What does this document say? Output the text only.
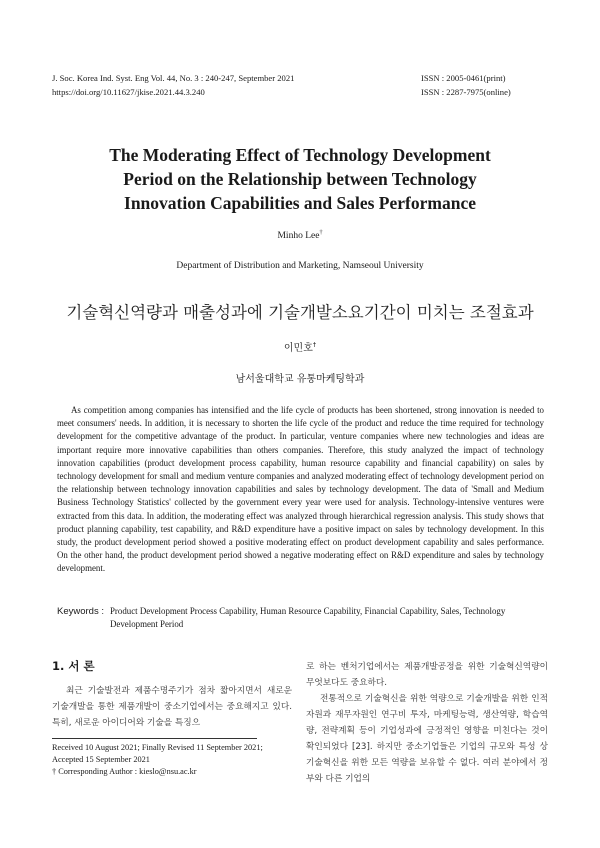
J. Soc. Korea Ind. Syst. Eng Vol. 44, No. 3 : 240-247, September 2021
https://doi.org/10.11627/jkise.2021.44.3.240
ISSN : 2005-0461(print)
ISSN : 2287-7975(online)
The Moderating Effect of Technology Development
Period on the Relationship between Technology
Innovation Capabilities and Sales Performance
Minho Lee†
Department of Distribution and Marketing, Namseoul University
기술혁신역량과 매출성과에 기술개발소요기간이 미치는 조절효과
이민호†
남서울대학교 유통마케팅학과

As competition among companies has intensified and the life cycle of products has been shortened, strong innovation is needed to meet consumers' needs. In addition, it is necessary to shorten the life cycle of the product and reduce the time required for technology development for the competitive advantage of the product. In particular, venture companies where new technologies and ideas are important require more innovative capabilities than others companies. Therefore, this study analyzed the impact of technology innovation capabilities (product development process capability, human resource capability and financial capability) on sales by technology development for small and medium venture companies and analyzed moderating effect of technology development period on the relationship between technology innovation capabilities and sales by technology development. The data of 'Small and Medium Business Technology Statistics' collected by the government every year were used for analysis. Technology-intensive ventures were extracted from this data. In addition, the moderating effect was analyzed through hierarchical regression analysis. This study shows that product planning capability, test capability, and R&D expenditure have a positive impact on sales by technology development. In this study, the product development period showed a positive moderating effect on product development capability and sales performance. On the other hand, the product development period showed a negative moderating effect on R&D expenditure and sales by technology development.

Keywords : Product Development Process Capability, Human Resource Capability, Financial Capability, Sales, Technology Development Period
1. 서 론

최근 기술발전과 제품수명주기가 점차 짧아지면서 새로운 기술개발을 통한 제품개발이 중소기업에서는 중요해지고 있다. 특히, 새로운 아이디어와 기술을 특징으

로 하는 벤처기업에서는 제품개발공정을 위한 기술혁신역량이 무엇보다도 중요하다.

전통적으로 기술혁신을 위한 역량으로 기술개발을 위한 인적자원과 재무자원인 연구비 투자, 마케팅능력, 생산역량, 학습역량, 전략계획 등이 기업성과에 긍정적인 영향을 미친다는 것이 확인되었다 [23]. 하지만 중소기업들은 기업의 규모와 특성 상 기술혁신을 위한 모든 역량을 보유할 수 없다. 여러 분야에서 정부와 다른 기업의

Received 10 August 2021; Finally Revised 11 September 2021;
Accepted 15 September 2021
† Corresponding Author : kieslo@nsu.ac.kr
